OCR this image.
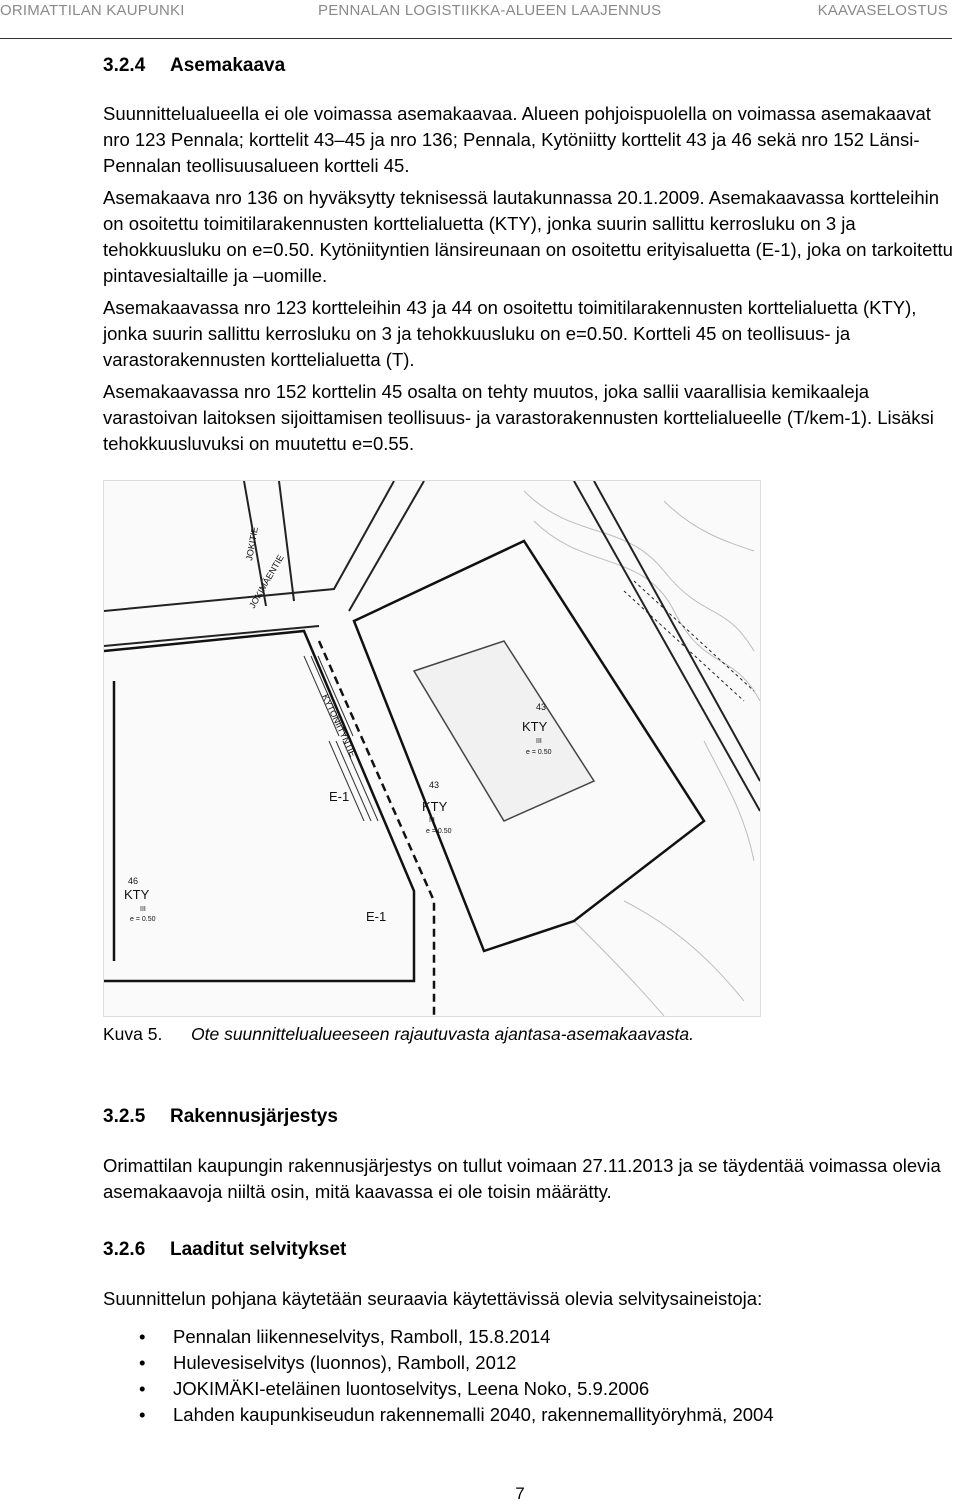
ORIMATTILAN KAUPUNKI	PENNALAN LOGISTIIKKA-ALUEEN LAAJENNUS	KAAVASELOSTUS
3.2.4 Asemakaava

Suunnittelualueella ei ole voimassa asemakaavaa. Alueen pohjoispuolella on voimassa asemakaavat nro 123 Pennala; korttelit 43–45 ja nro 136; Pennala, Kytöniitty korttelit 43 ja 46 sekä nro 152 Länsi-Pennalan teollisuusalueen kortteli 45.

Asemakaava nro 136 on hyväksytty teknisessä lautakunnassa 20.1.2009. Asemakaavassa kortteleihin on osoitettu toimitilarakennusten korttelialuetta (KTY), jonka suurin sallittu kerrosluku on 3 ja tehokkuusluku on e=0.50. Kytöniityntien länsireunaan on osoitettu erityisaluetta (E-1), joka on tarkoitettu pintavesialtaille ja –uomille.

Asemakaavassa nro 123 kortteleihin 43 ja 44 on osoitettu toimitilarakennusten korttelialuetta (KTY), jonka suurin sallittu kerrosluku on 3 ja tehokkuusluku on e=0.50. Kortteli 45 on teollisuus- ja varastorakennusten korttelialuetta (T).

Asemakaavassa nro 152 korttelin 45 osalta on tehty muutos, joka sallii vaarallisia kemikaaleja varastoivan laitoksen sijoittamisen teollisuus- ja varastorakennusten korttelialueelle (T/kem-1). Lisäksi tehokkuusluvuksi on muutettu e=0.55.

JOKITIE
JOKIMÄENTIE
KYTÖNIITYNTIE	43
KTY
III
e = 0.50
43
KTY
III
e = 0.50
E-1
E-1
46
KTY
III
e = 0.50
Kuva 5. Ote suunnittelualueeseen rajautuvasta ajantasa-asemakaavasta.
3.2.5 Rakennusjärjestys

Orimattilan kaupungin rakennusjärjestys on tullut voimaan 27.11.2013 ja se täydentää voimassa olevia asemakaavoja niiltä osin, mitä kaavassa ei ole toisin määrätty.

3.2.6 Laaditut selvitykset

Suunnittelun pohjana käytetään seuraavia käytettävissä olevia selvitysaineistoja:

• Pennalan liikenneselvitys, Ramboll, 15.8.2014
• Hulevesiselvitys (luonnos), Ramboll, 2012
• JOKIMÄKI-eteläinen luontoselvitys, Leena Noko, 5.9.2006
• Lahden kaupunkiseudun rakennemalli 2040, rakennemallityöryhmä, 2004
7
